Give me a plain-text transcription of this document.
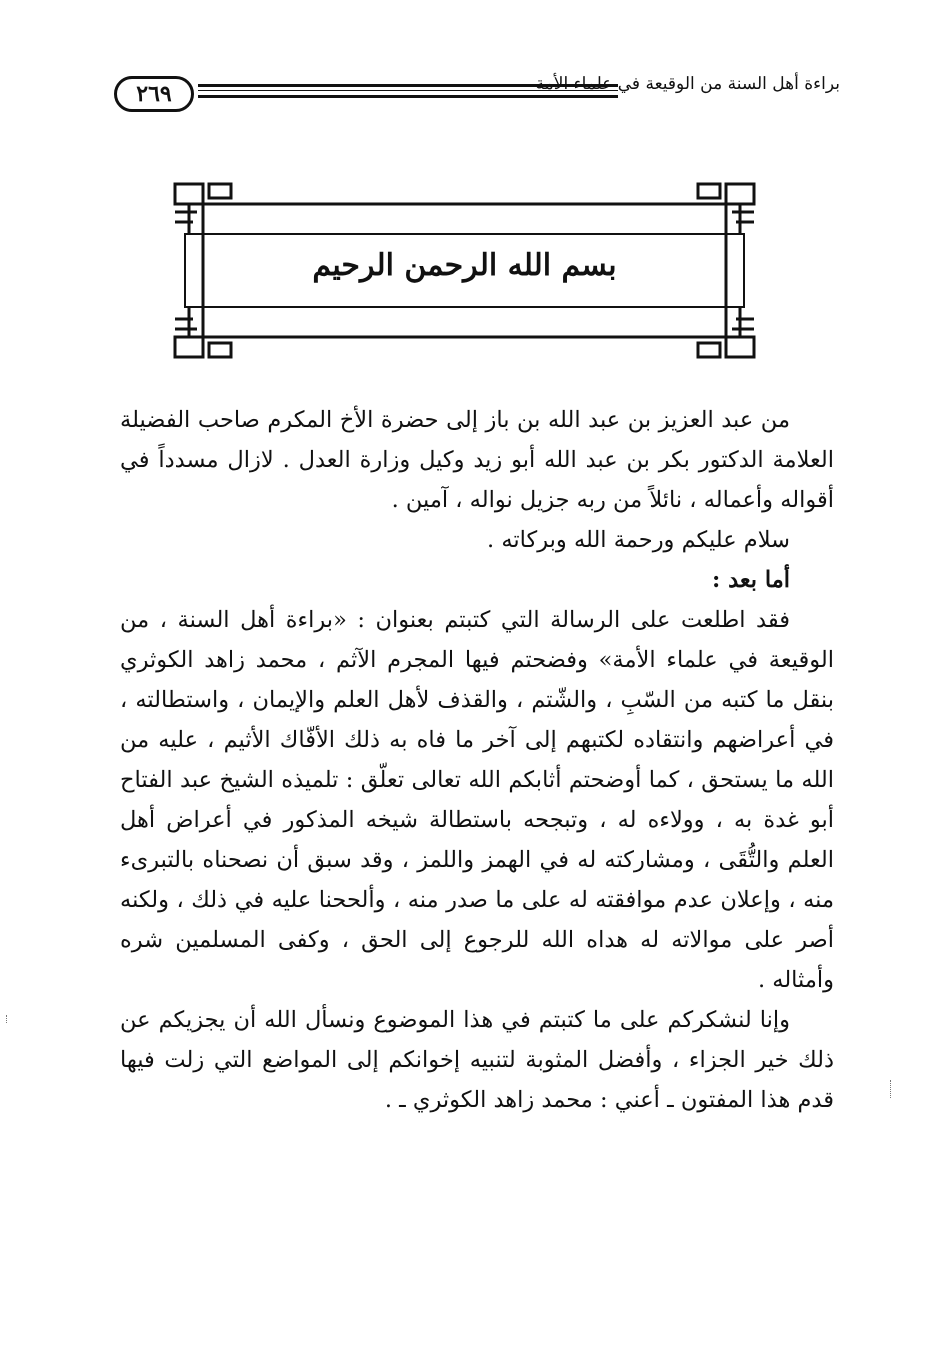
٢٦٩	براءة أهل السنة من الوقيعة في علماء الأمة
بسم الله الرحمن الرحيم

من عبد العزيز بن عبد الله بن باز إلى حضرة الأخ المكرم صاحب الفضيلة العلامة الدكتور بكر بن عبد الله أبو زيد وكيل وزارة العدل . لازال مسدداً في أقواله وأعماله ، نائلاً من ربه جزيل نواله ، آمين .

سلام عليكم ورحمة الله وبركاته .

أما بعد :

فقد اطلعت على الرسالة التي كتبتم بعنوان : «براءة أهل السنة ، من الوقيعة في علماء الأمة» وفضحتم فيها المجرم الآثم ، محمد زاهد الكوثري بنقل ما كتبه من السّبِ ، والشّتم ، والقذف لأهل العلم والإيمان ، واستطالته ، في أعراضهم وانتقاده لكتبهم إلى آخر ما فاه به ذلك الأفّاك الأثيم ، عليه من الله ما يستحق ، كما أوضحتم أثابكم الله تعالى تعلّق : تلميذه الشيخ عبد الفتاح أبو غدة به ، وولاءه له ، وتبجحه باستطالة شيخه المذكور في أعراض أهل العلم والتُّقَى ، ومشاركته له في الهمز واللمز ، وقد سبق أن نصحناه بالتبرىء منه ، وإعلان عدم موافقته له على ما صدر منه ، وألححنا عليه في ذلك ، ولكنه أصر على موالاته له هداه الله للرجوع إلى الحق ، وكفى المسلمين شره وأمثاله .

وإنا لنشكركم على ما كتبتم في هذا الموضوع ونسأل الله أن يجزيكم عن ذلك خير الجزاء ، وأفضل المثوبة لتنبيه إخوانكم إلى المواضع التي زلت فيها قدم هذا المفتون ـ أعني : محمد زاهد الكوثري ـ .
